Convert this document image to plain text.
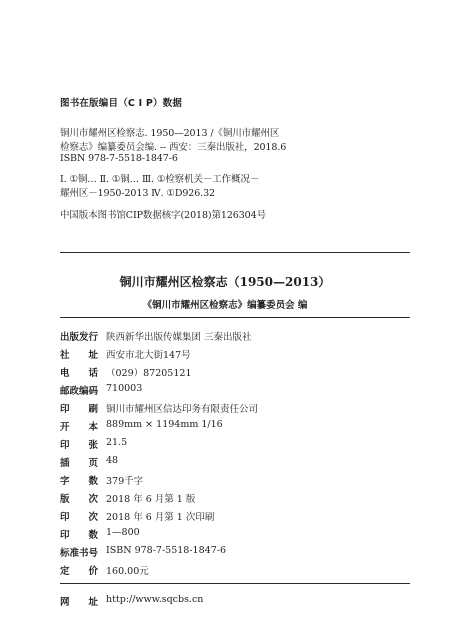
图书在版编目（C I P）数据
铜川市耀州区检察志. 1950—2013 /《铜川市耀州区
检察志》编纂委员会编. -- 西安：三秦出版社，2018.6
ISBN 978-7-5518-1847-6
Ⅰ. ①铜… Ⅱ. ①铜… Ⅲ. ①检察机关－工作概况－
耀州区－1950-2013 Ⅳ. ①D926.32
中国版本图书馆CIP数据核字(2018)第126304号
铜川市耀州区检察志（1950—2013）
《铜川市耀州区检察志》编纂委员会 编
出版发行 陕西新华出版传媒集团 三秦出版社
社址 西安市北大街147号
电话 （029）87205121
邮政编码 710003
印刷 铜川市耀州区信达印务有限责任公司
开本 889mm × 1194mm 1/16
印张 21.5
插页 48
字数 379千字
版次 2018 年 6 月第 1 版
印次 2018 年 6 月第 1 次印刷
印数 1—800
标准书号 ISBN 978-7-5518-1847-6
定价 160.00元
网址 http://www.sqcbs.cn
